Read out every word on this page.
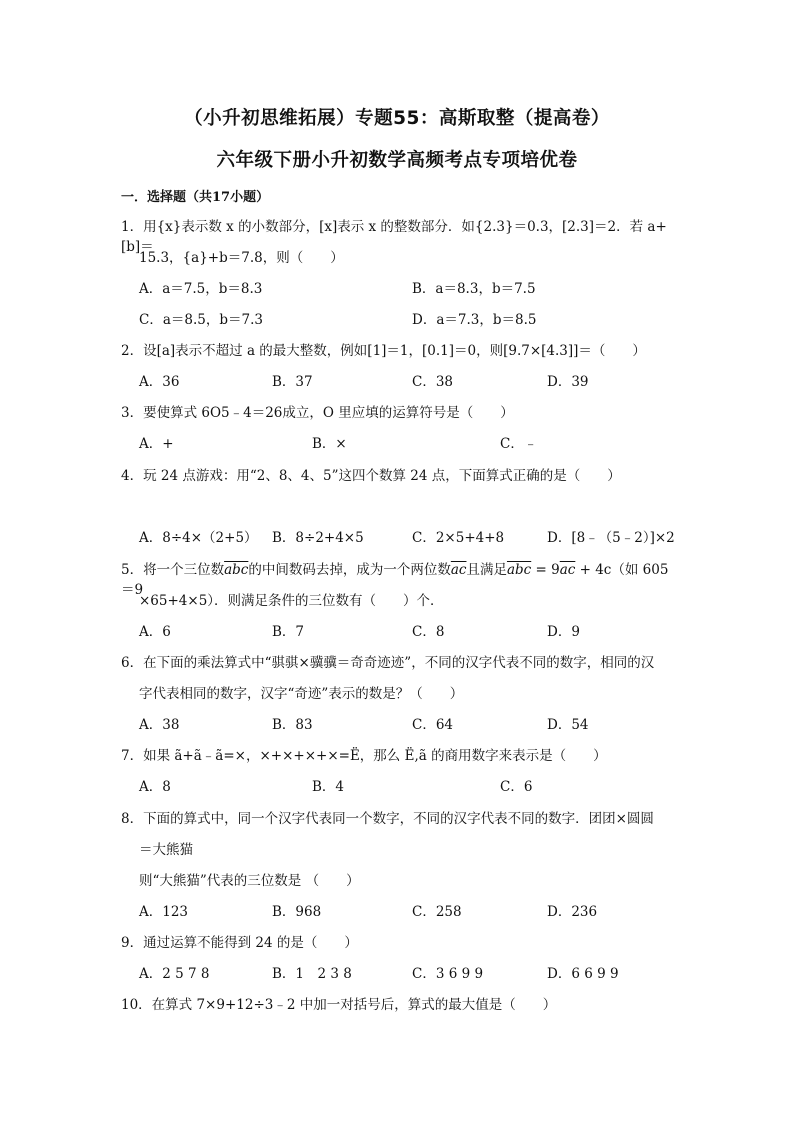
（小升初思维拓展）专题55：高斯取整（提高卷）
六年级下册小升初数学高频考点专项培优卷
一．选择题（共17小题）
1．用{x}表示数 x 的小数部分，[x]表示 x 的整数部分．如{2.3}＝0.3，[2.3]＝2．若 a+[b]＝
15.3，{a}+b＝7.8，则（　　）
A．a＝7.5，b＝8.3	B．a＝8.3，b＝7.5
C．a＝8.5，b＝7.3	D．a＝7.3，b＝8.5
2．设[a]表示不超过 a 的最大整数，例如[1]＝1，[0.1]＝0，则[9.7×[4.3]]＝（　　）
A．36	B．37	C．38	D．39
3．要使算式 6O5﹣4＝26成立，O 里应填的运算符号是（　　）
A．+	B．×	C．﹣
4．玩 24 点游戏：用“2、8、4、5”这四个数算 24 点，下面算式正确的是（　　）
A．8÷4×（2+5） B．8÷2+4×5	C．2×5+4+8	D．[8﹣（5﹣2）]×2
5．将一个三位数$\overline{abc}$的中间数码去掉，成为一个两位数$\overline{ac}$且满足$\overline{abc} = 9\overline{ac} + 4c$（如 605＝9
×65+4×5）．则满足条件的三位数有（　　）个．
A．6	B．7	C．8	D．9
6．在下面的乘法算式中“骐骐×骥骥＝奇奇迹迹”，不同的汉字代表不同的数字，相同的汉
字代表相同的数字，汉字“奇迹”表示的数是？（　　）
A．38	B．83	C．64	D．54
7．如果 ã+ã﹣ã=×，×+×+×+×=Ë，那么 Ë,ã 的商用数字来表示是（　　）
A．8	B．4	C．6
8．下面的算式中，同一个汉字代表同一个数字，不同的汉字代表不同的数字．团团×圆圆
＝大熊猫
则“大熊猫”代表的三位数是 （　　）
A．123	B．968	C．258	D．236
9．通过运算不能得到 24 的是（　　）
A．2 5 7 8	B．1　2 3 8	C．3 6 9 9	D．6 6 9 9
10．在算式 7×9+12÷3﹣2 中加一对括号后，算式的最大值是（　　）
